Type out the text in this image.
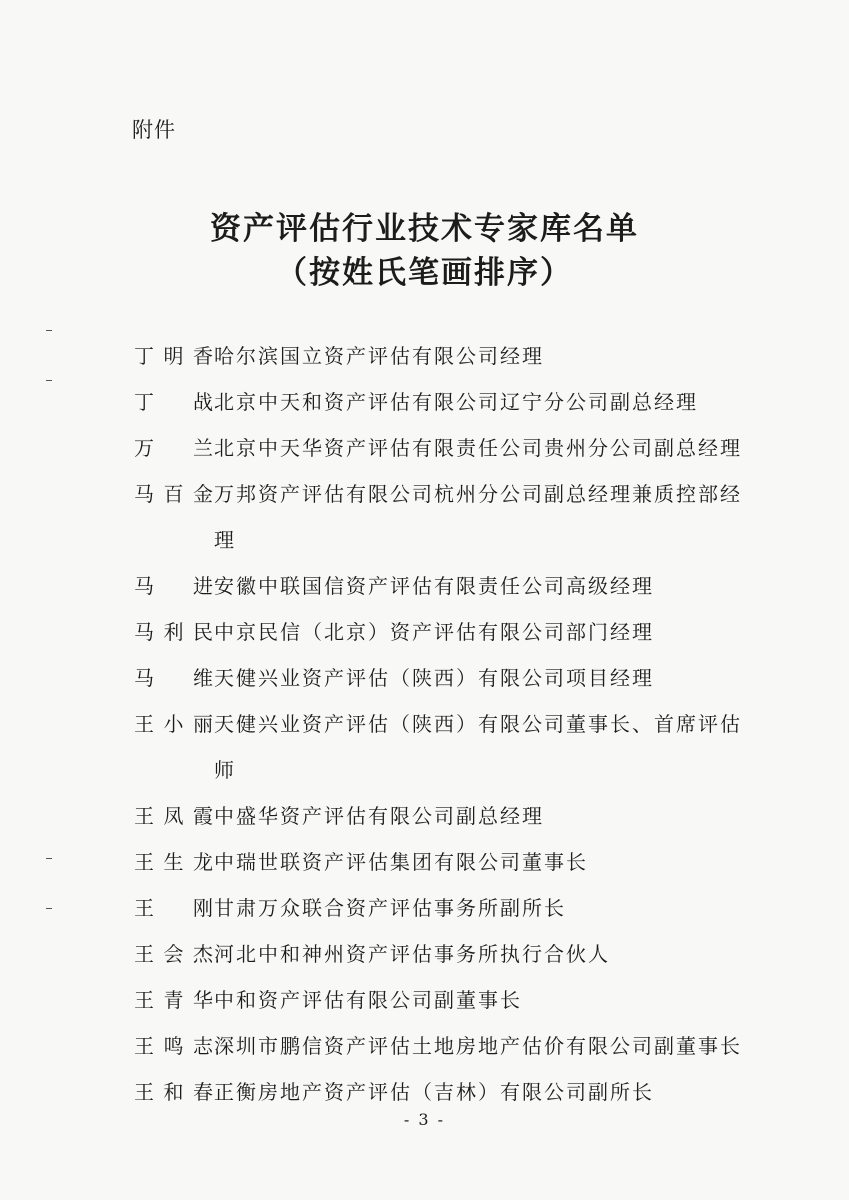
附件
资产评估行业技术专家库名单
（按姓氏笔画排序）
丁明香 哈尔滨国立资产评估有限公司经理
丁 战 北京中天和资产评估有限公司辽宁分公司副总经理
万 兰 北京中天华资产评估有限责任公司贵州分公司副总经理
马百金 万邦资产评估有限公司杭州分公司副总经理兼质控部经理
马 进 安徽中联国信资产评估有限责任公司高级经理
马利民 中京民信（北京）资产评估有限公司部门经理
马 维 天健兴业资产评估（陕西）有限公司项目经理
王小丽 天健兴业资产评估（陕西）有限公司董事长、首席评估师
王凤霞 中盛华资产评估有限公司副总经理
王生龙 中瑞世联资产评估集团有限公司董事长
王 刚 甘肃万众联合资产评估事务所副所长
王会杰 河北中和神州资产评估事务所执行合伙人
王青华 中和资产评估有限公司副董事长
王鸣志 深圳市鹏信资产评估土地房地产估价有限公司副董事长
王和春 正衡房地产资产评估（吉林）有限公司副所长
- 3 -
